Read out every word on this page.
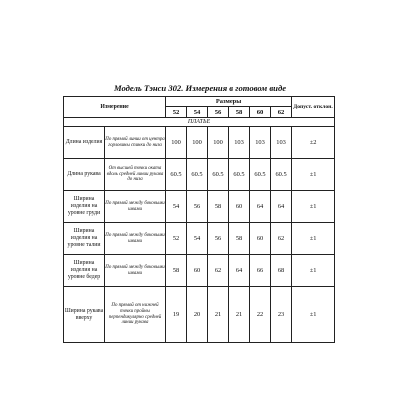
Модель Тэнси 302. Измерения в готовом виде
Измерение		Размеры						Допуст. отклон.
		52	54	56	58	60	62	
ПЛАТЬЕ								
Длина изделия	По прямой линии от центра горловины спинки до низа	100	100	100	103	103	103	±2
Длина рукава	От высшей точки оката вдоль средней линии рукава до низа	60.5	60.5	60.5	60.5	60.5	60.5	±1
Ширина изделия на уровне груди	По прямой между боковыми швами	54	56	58	60	64	64	±1
Ширина изделия на уровне талии	По прямой между боковыми швами	52	54	56	58	60	62	±1
Ширина изделия на уровне бедер	По прямой между боковыми швами	58	60	62	64	66	68	±1
Ширина рукава вверху	По прямой от нижней точки пройны перпендикулярно средней линии рукава	19	20	21	21	22	23	±1
